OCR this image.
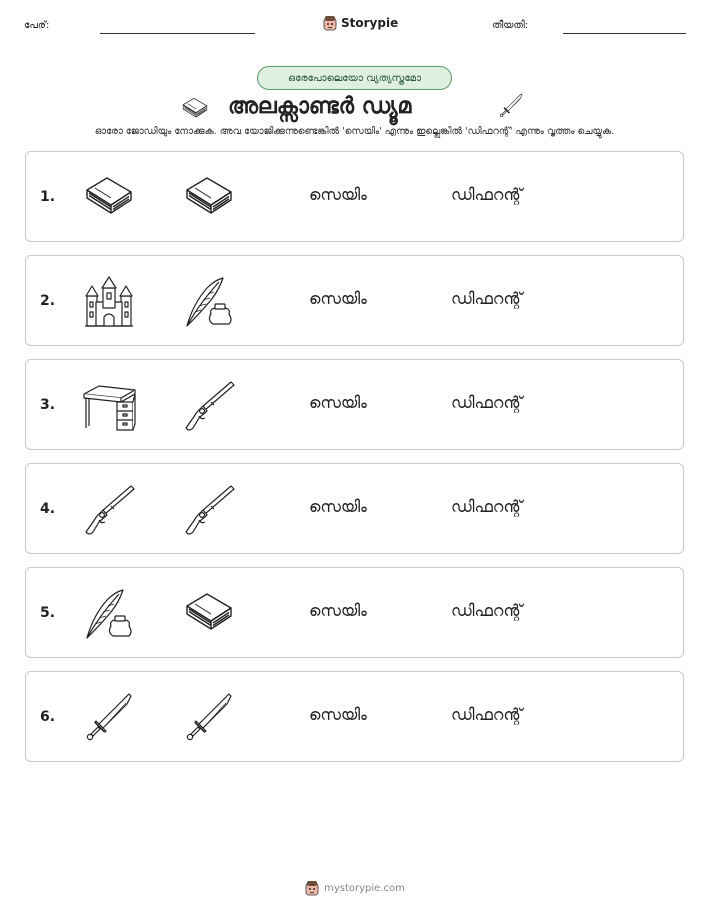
പേര്:	Storypie	തീയതി:
ഒരേപോലെയോ വ്യത്യസ്തമോ
അലക്സാണ്ടർ ഡ്യൂമ
ഓരോ ജോഡിയും നോക്കുക. അവ യോജിക്കുന്നുണ്ടെങ്കിൽ 'സെയിം' എന്നും ഇല്ലെങ്കിൽ 'ഡിഫറന്റ്' എന്നും വൃത്തം ചെയ്യുക.
1.	സെയിം	ഡിഫറന്റ്
2.	സെയിം	ഡിഫറന്റ്
3.	സെയിം	ഡിഫറന്റ്
4.	സെയിം	ഡിഫറന്റ്
5.	സെയിം	ഡിഫറന്റ്
6.	സെയിം	ഡിഫറന്റ്
mystorypie.com
